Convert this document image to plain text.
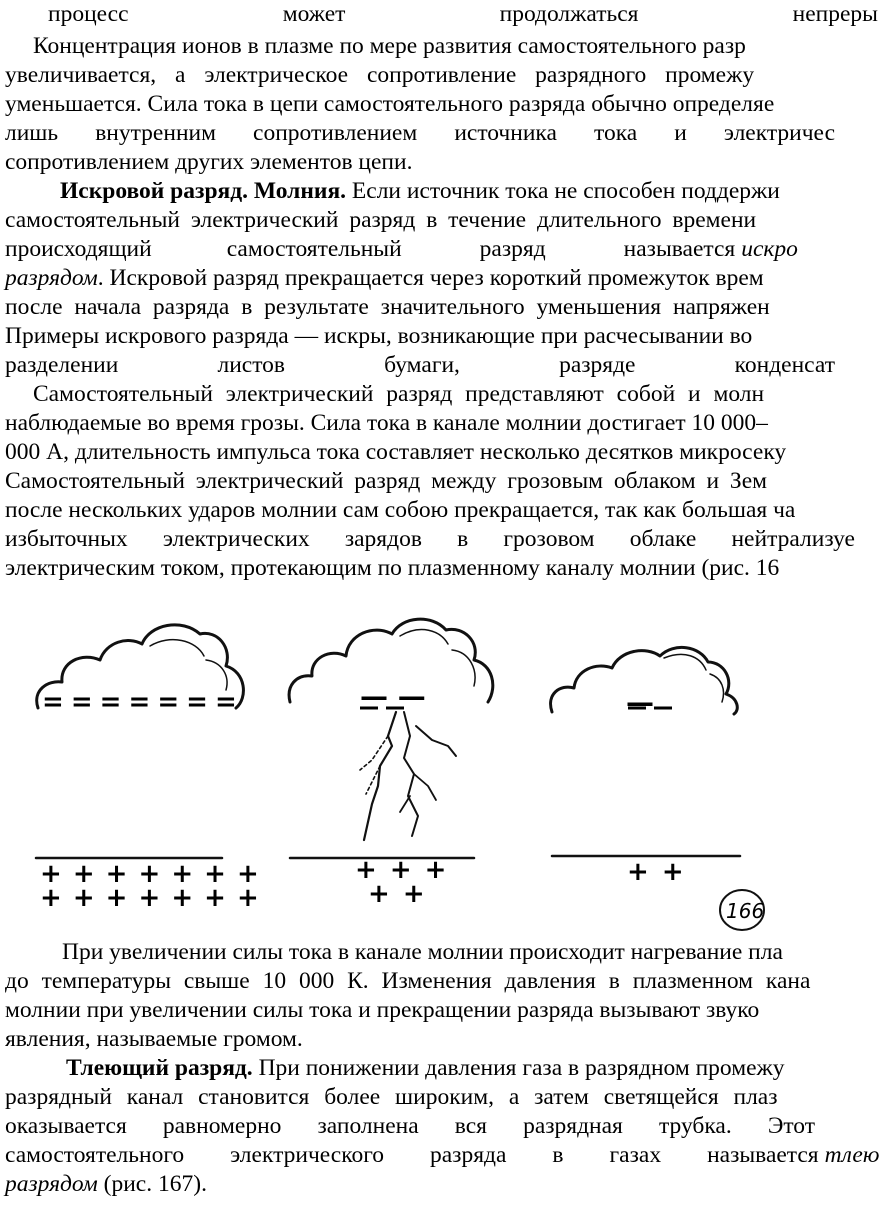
процесс	может	продолжаться	непреры
Концентрация ионов в плазме по мере развития самостоятельного разр
увеличивается, а электрическое сопротивление разрядного промежу
уменьшается. Сила тока в цепи самостоятельного разряда обычно определяе
лишь внутренним сопротивлением источника тока и электричес
сопротивлением других элементов цепи.
Искровой разряд. Молния. Если источник тока не способен поддержи
самостоятельный электрический разряд в течение длительного времени
происходящий	самостоятельный	разряд	называется искро
разрядом. Искровой разряд прекращается через короткий промежуток врем
после начала разряда в результате значительного уменьшения напряжен
Примеры искрового разряда — искры, возникающие при расчесывании во
разделении	листов	бумаги,	разряде	конденсат
Самостоятельный электрический разряд представляют собой и молн
наблюдаемые во время грозы. Сила тока в канале молнии достигает 10 000–
000 А, длительность импульса тока составляет несколько десятков микросеку
Самостоятельный электрический разряд между грозовым облаком и Зем
после нескольких ударов молнии сам собою прекращается, так как большая ча
избыточных электрических зарядов в грозовом облаке нейтрализуе
электрическим током, протекающим по плазменному каналу молнии (рис. 16
= = = = = = =
+ + + + + + +
+ + + + + + +
— —
+ + +
+ +
—
+ +
166
При увеличении силы тока в канале молнии происходит нагревание пла
до температуры свыше 10 000 К. Изменения давления в плазменном кана
молнии при увеличении силы тока и прекращении разряда вызывают звуко
явления, называемые громом.
Тлеющий разряд. При понижении давления газа в разрядном промежу
разрядный канал становится более широким, а затем светящейся плаз
оказывается равномерно заполнена вся разрядная трубка. Этот
самостоятельного электрического разряда в газах называется тлею
разрядом (рис. 167).
